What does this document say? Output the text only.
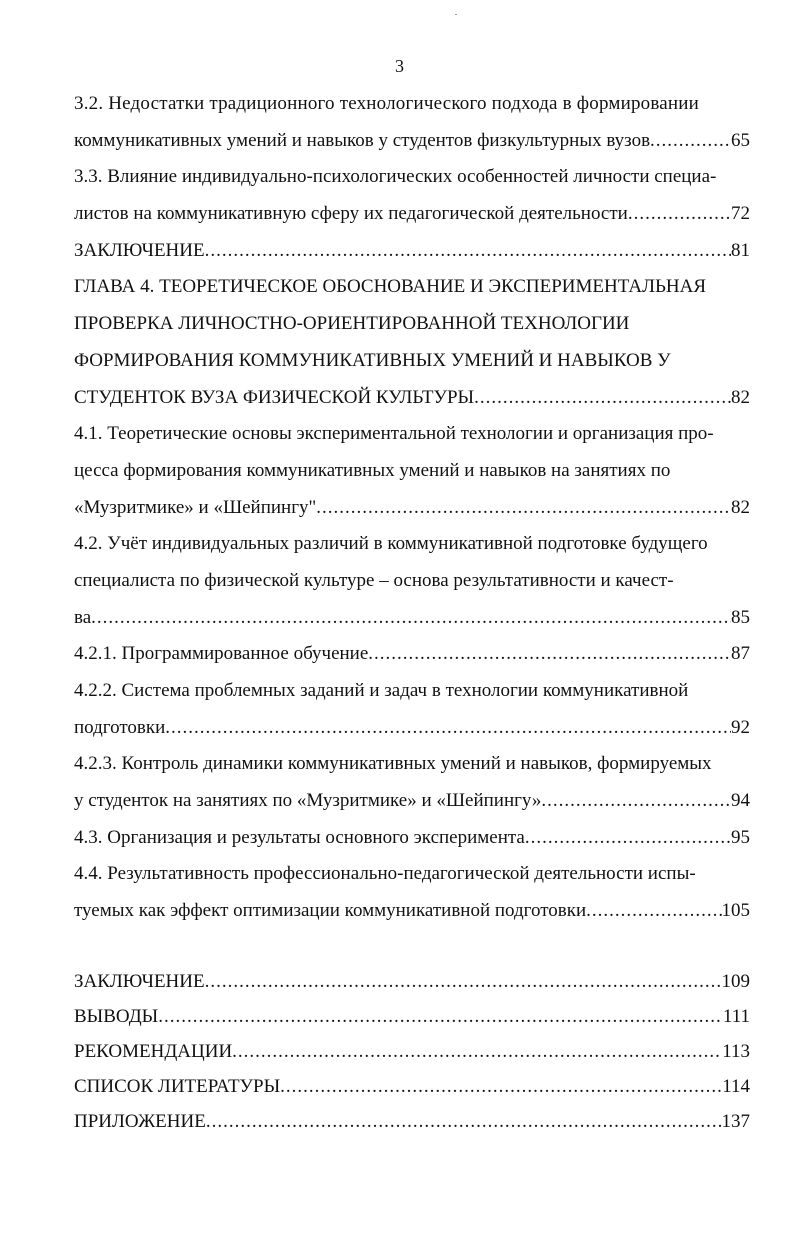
3
3.2. Недостатки традиционного технологического подхода в формировании
коммуникативных умений и навыков у студентов физкультурных вузов .....	65
3.3. Влияние индивидуально-психологических особенностей личности специа-
листов на коммуникативную сферу их педагогической деятельности .....	72
ЗАКЛЮЧЕНИЕ .....	81
ГЛАВА 4. ТЕОРЕТИЧЕСКОЕ ОБОСНОВАНИЕ И ЭКСПЕРИМЕНТАЛЬНАЯ
ПРОВЕРКА ЛИЧНОСТНО-ОРИЕНТИРОВАННОЙ ТЕХНОЛОГИИ
ФОРМИРОВАНИЯ КОММУНИКАТИВНЫХ УМЕНИЙ И НАВЫКОВ У
СТУДЕНТОК ВУЗА ФИЗИЧЕСКОЙ КУЛЬТУРЫ .....	82
4.1. Теоретические основы экспериментальной технологии и организация про-
цесса формирования коммуникативных умений и навыков на занятиях по
«Музритмике» и «Шейпингу" .....	82
4.2. Учёт индивидуальных различий в коммуникативной подготовке будущего
специалиста по физической культуре – основа результативности и качест-
ва .....	85
4.2.1. Программированное обучение .....	87
4.2.2. Система проблемных заданий и задач в технологии коммуникативной
подготовки .....	92
4.2.3. Контроль динамики коммуникативных умений и навыков, формируемых
у студенток на занятиях по «Музритмике» и «Шейпингу» .....	94
4.3. Организация и результаты основного эксперимента .....	95
4.4. Результативность профессионально-педагогической деятельности испы-
туемых как эффект оптимизации коммуникативной подготовки .....	105
ЗАКЛЮЧЕНИЕ .....	109
ВЫВОДЫ .....	111
РЕКОМЕНДАЦИИ .....	113
СПИСОК ЛИТЕРАТУРЫ .....	114
ПРИЛОЖЕНИЕ .....	137
